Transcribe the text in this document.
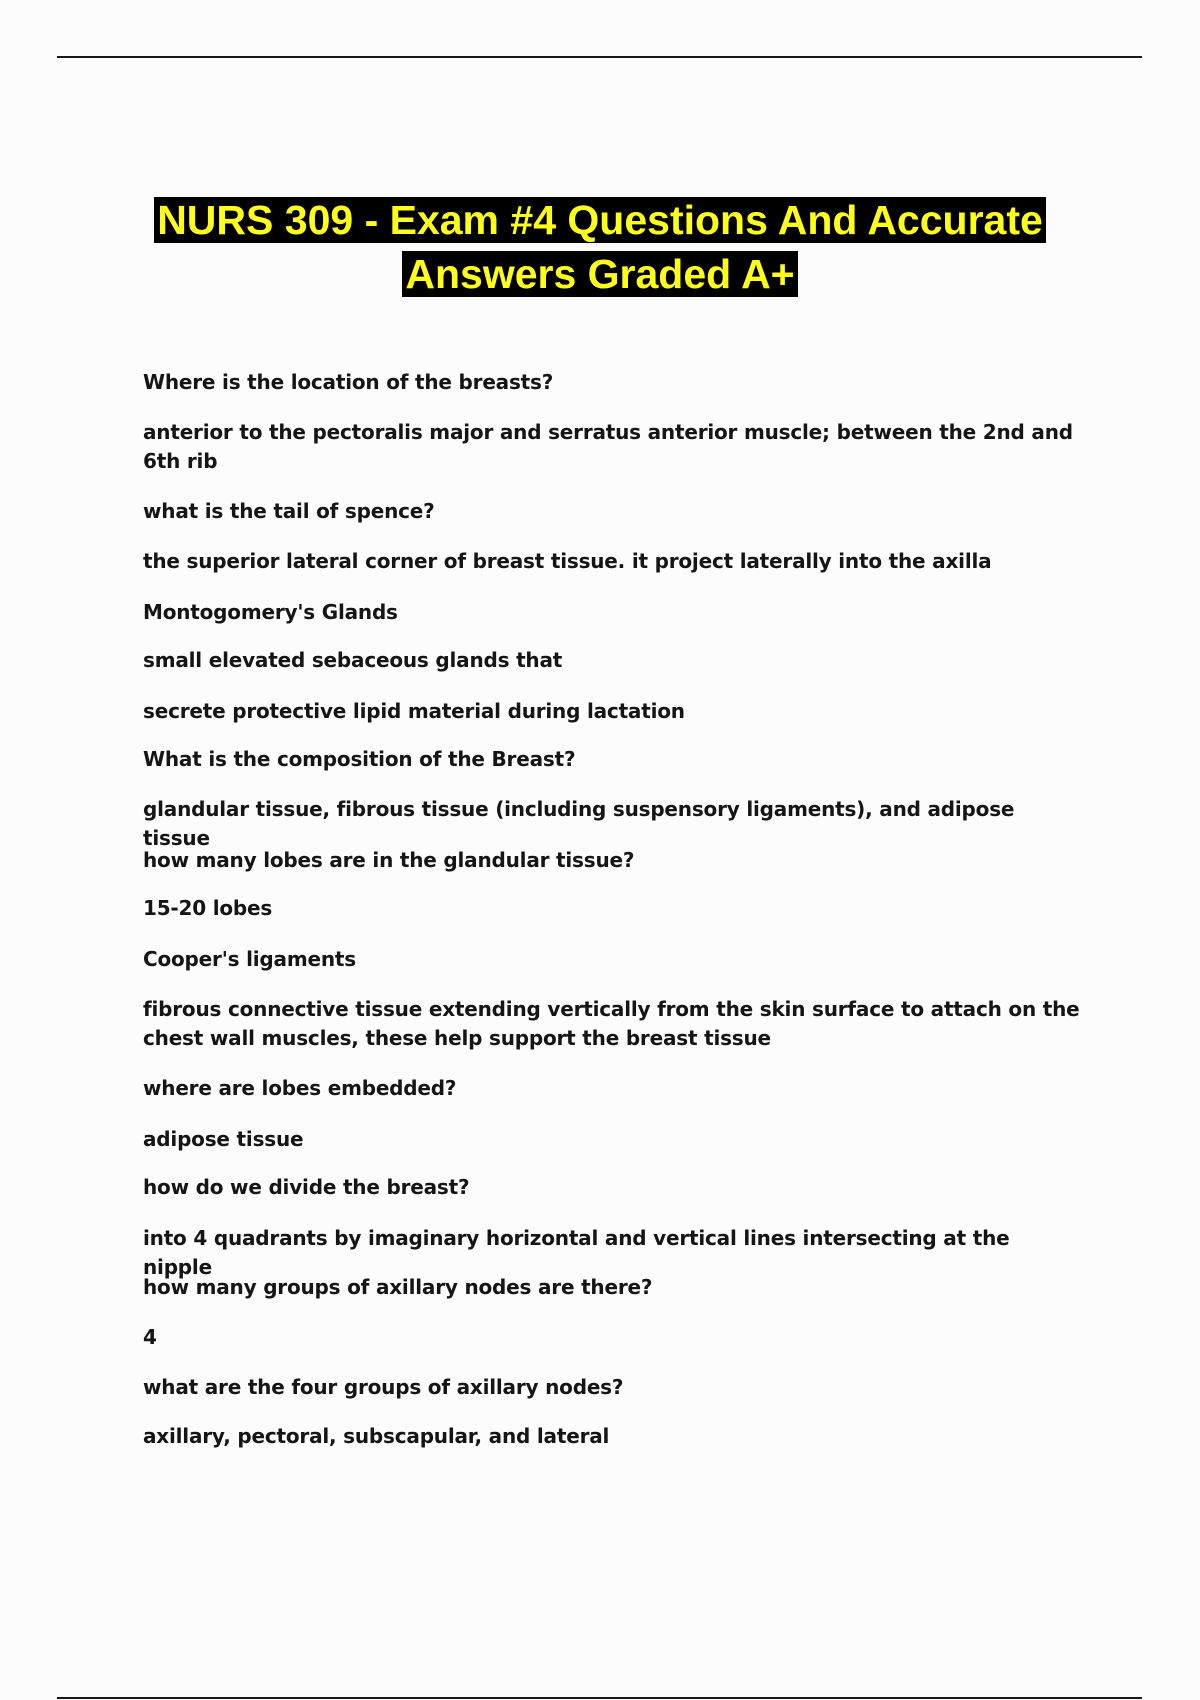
NURS 309 - Exam #4 Questions And Accurate
Answers Graded A+
Where is the location of the breasts?
anterior to the pectoralis major and serratus anterior muscle; between the 2nd and 6th rib
what is the tail of spence?
the superior lateral corner of breast tissue. it project laterally into the axilla
Montogomery's Glands
small elevated sebaceous glands that
secrete protective lipid material during lactation
What is the composition of the Breast?
glandular tissue, fibrous tissue (including suspensory ligaments), and adipose tissue
how many lobes are in the glandular tissue?
15-20 lobes
Cooper's ligaments
fibrous connective tissue extending vertically from the skin surface to attach on the chest wall muscles, these help support the breast tissue
where are lobes embedded?
adipose tissue
how do we divide the breast?
into 4 quadrants by imaginary horizontal and vertical lines intersecting at the nipple
how many groups of axillary nodes are there?
4
what are the four groups of axillary nodes?
axillary, pectoral, subscapular, and lateral
